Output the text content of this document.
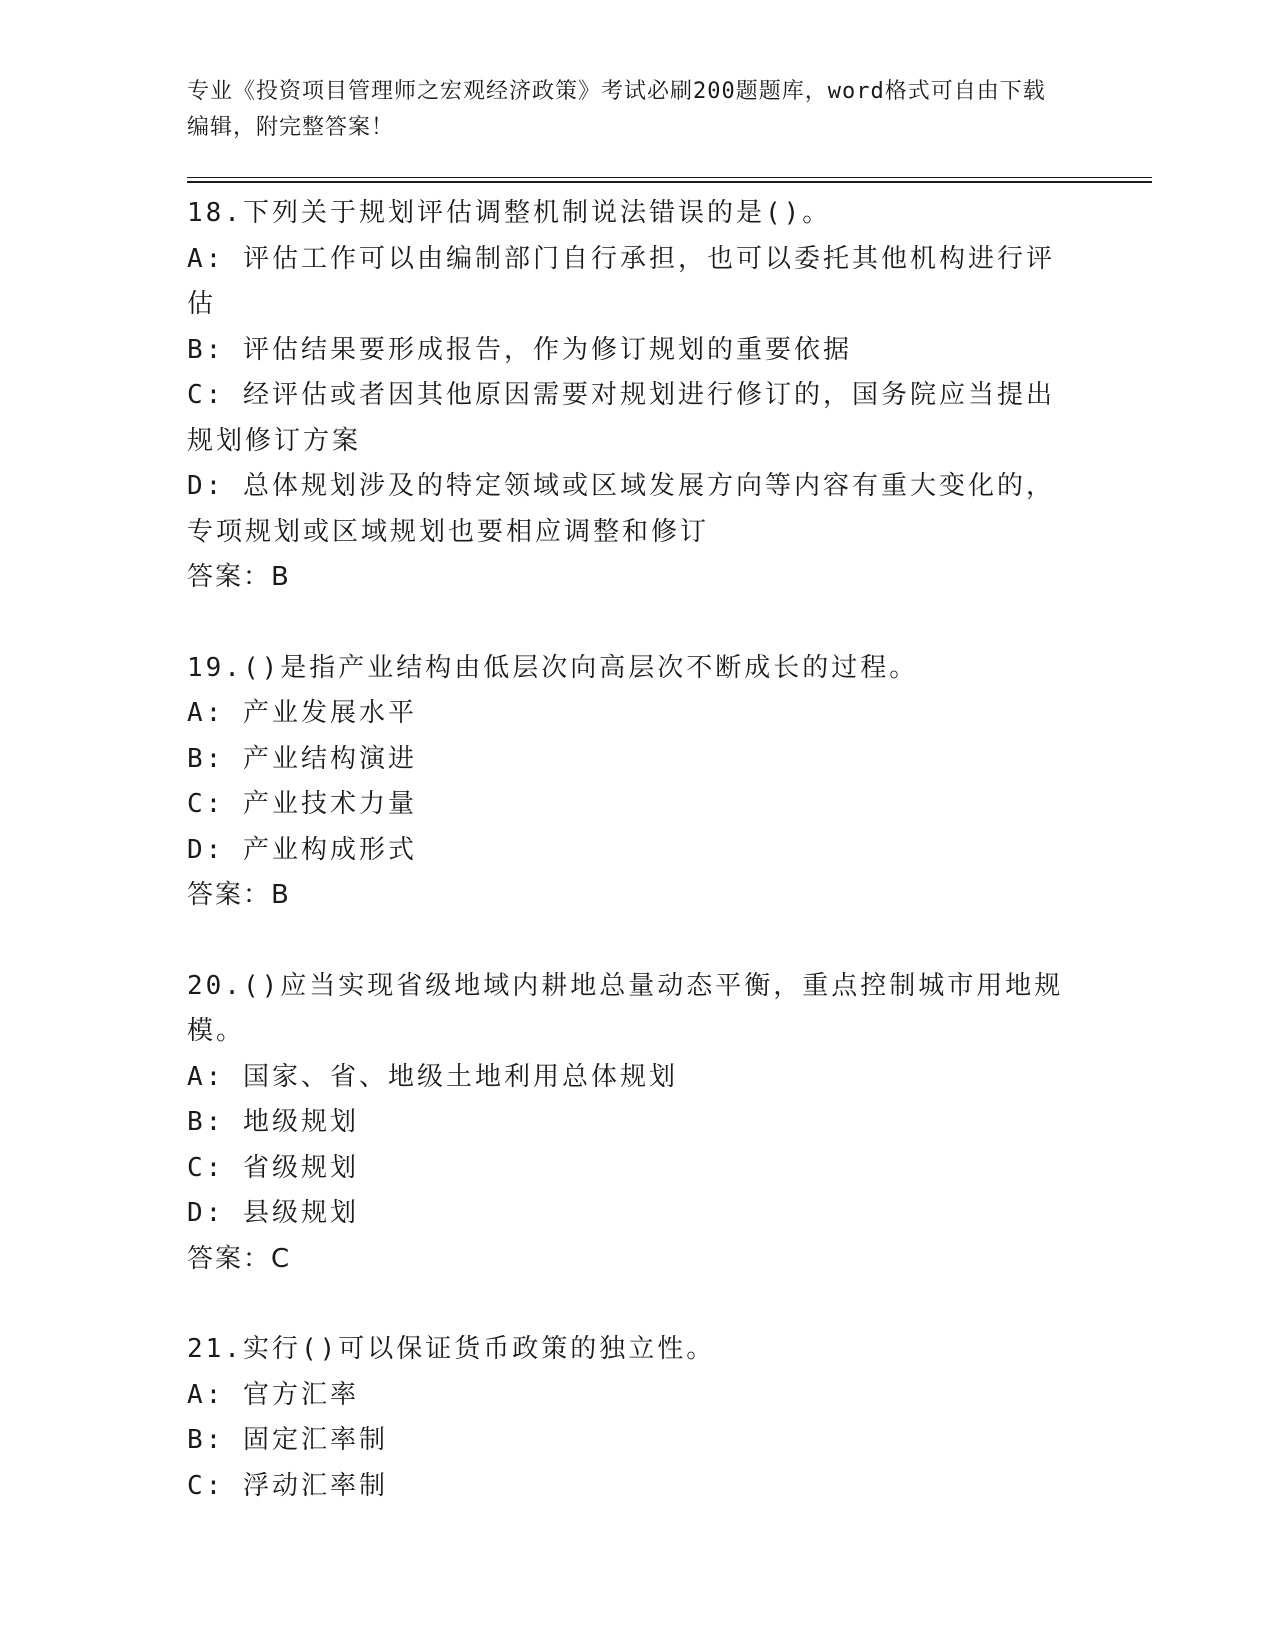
专业《投资项目管理师之宏观经济政策》考试必刷200题题库，word格式可自由下载编辑，附完整答案！
18.下列关于规划评估调整机制说法错误的是()。
A: 评估工作可以由编制部门自行承担，也可以委托其他机构进行评估
B: 评估结果要形成报告，作为修订规划的重要依据
C: 经评估或者因其他原因需要对规划进行修订的，国务院应当提出规划修订方案
D: 总体规划涉及的特定领域或区域发展方向等内容有重大变化的，专项规划或区域规划也要相应调整和修订
答案：B
19.()是指产业结构由低层次向高层次不断成长的过程。
A: 产业发展水平
B: 产业结构演进
C: 产业技术力量
D: 产业构成形式
答案：B
20.()应当实现省级地域内耕地总量动态平衡，重点控制城市用地规模。
A: 国家、省、地级土地利用总体规划
B: 地级规划
C: 省级规划
D: 县级规划
答案：C
21.实行()可以保证货币政策的独立性。
A: 官方汇率
B: 固定汇率制
C: 浮动汇率制
